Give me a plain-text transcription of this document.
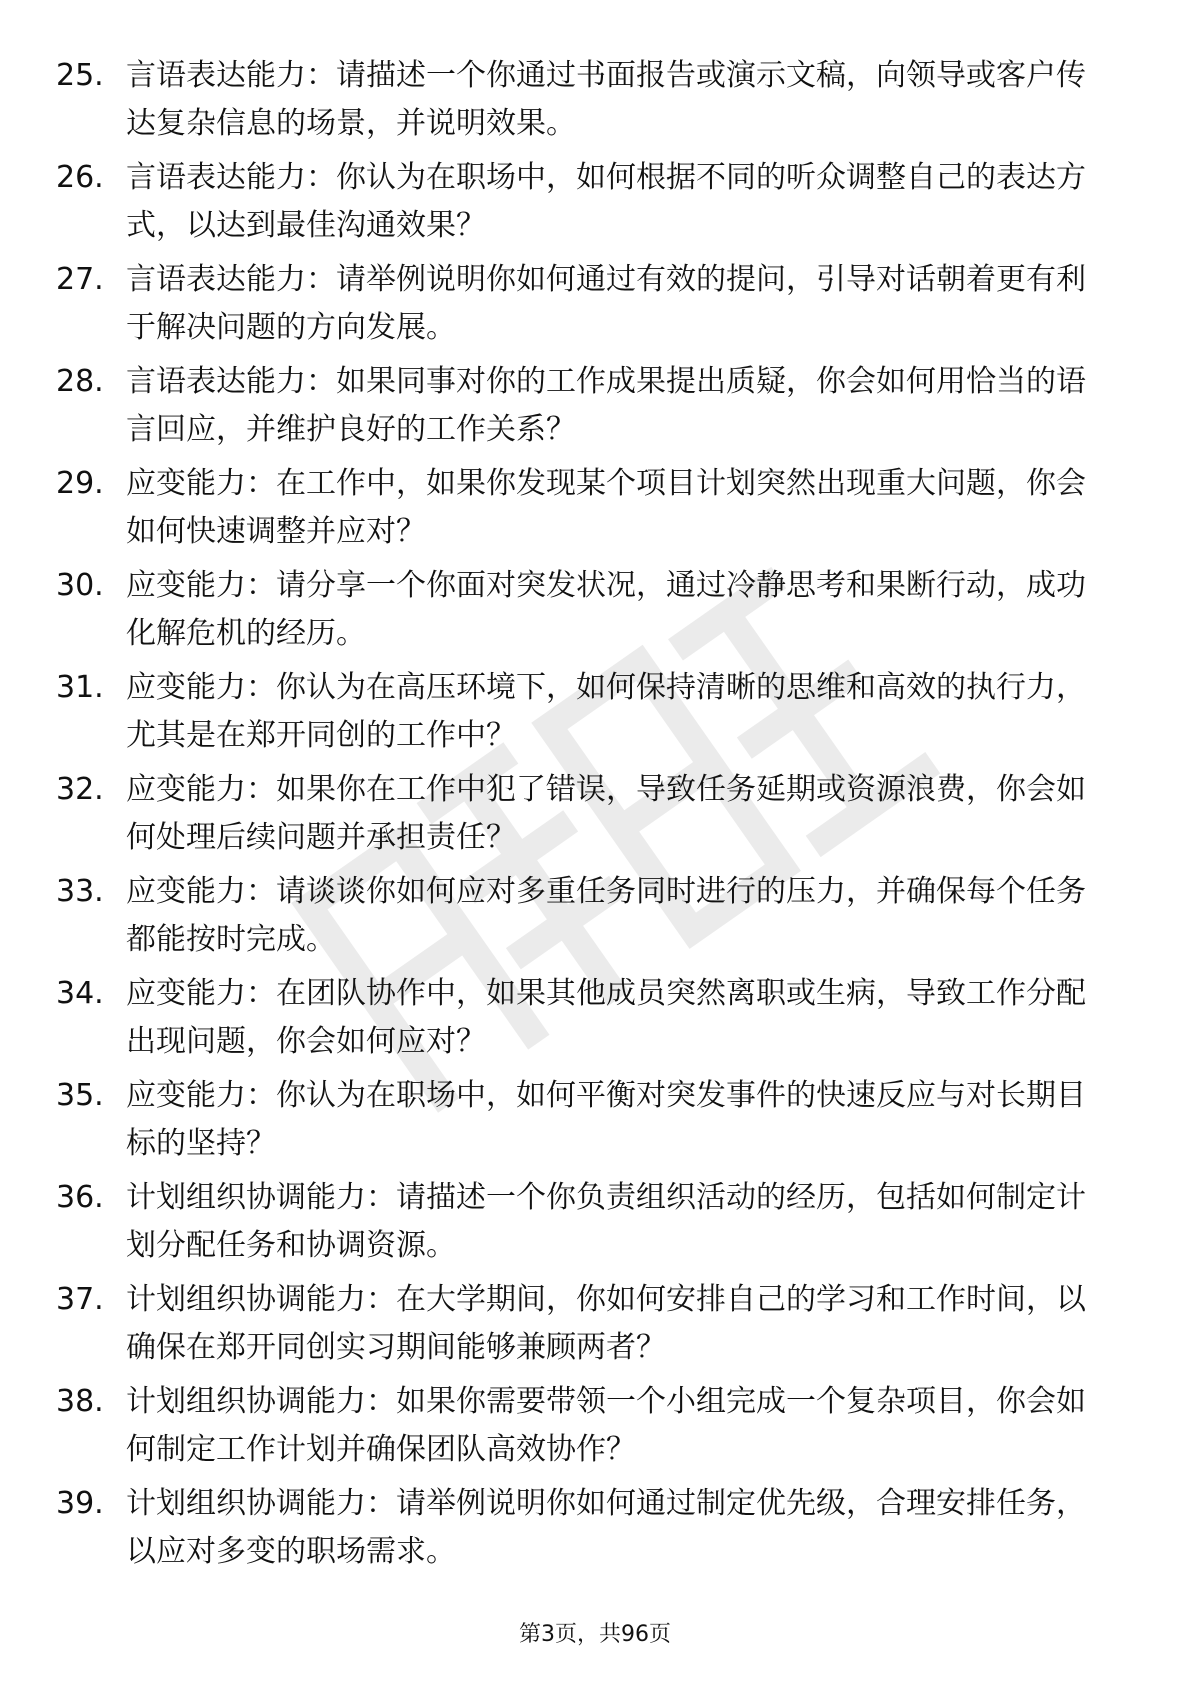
25. 言语表达能力：请描述一个你通过书面报告或演示文稿，向领导或客户传达复杂信息的场景，并说明效果。

26. 言语表达能力：你认为在职场中，如何根据不同的听众调整自己的表达方式，以达到最佳沟通效果？

27. 言语表达能力：请举例说明你如何通过有效的提问，引导对话朝着更有利于解决问题的方向发展。

28. 言语表达能力：如果同事对你的工作成果提出质疑，你会如何用恰当的语言回应，并维护良好的工作关系？

29. 应变能力：在工作中，如果你发现某个项目计划突然出现重大问题，你会如何快速调整并应对？

30. 应变能力：请分享一个你面对突发状况，通过冷静思考和果断行动，成功化解危机的经历。

31. 应变能力：你认为在高压环境下，如何保持清晰的思维和高效的执行力，尤其是在郑开同创的工作中？

32. 应变能力：如果你在工作中犯了错误，导致任务延期或资源浪费，你会如何处理后续问题并承担责任？

33. 应变能力：请谈谈你如何应对多重任务同时进行的压力，并确保每个任务都能按时完成。

34. 应变能力：在团队协作中，如果其他成员突然离职或生病，导致工作分配出现问题，你会如何应对？

35. 应变能力：你认为在职场中，如何平衡对突发事件的快速反应与对长期目标的坚持？

36. 计划组织协调能力：请描述一个你负责组织活动的经历，包括如何制定计划分配任务和协调资源。

37. 计划组织协调能力：在大学期间，你如何安排自己的学习和工作时间，以确保在郑开同创实习期间能够兼顾两者？

38. 计划组织协调能力：如果你需要带领一个小组完成一个复杂项目，你会如何制定工作计划并确保团队高效协作？

39. 计划组织协调能力：请举例说明你如何通过制定优先级，合理安排任务，以应对多变的职场需求。

第3页，共96页
